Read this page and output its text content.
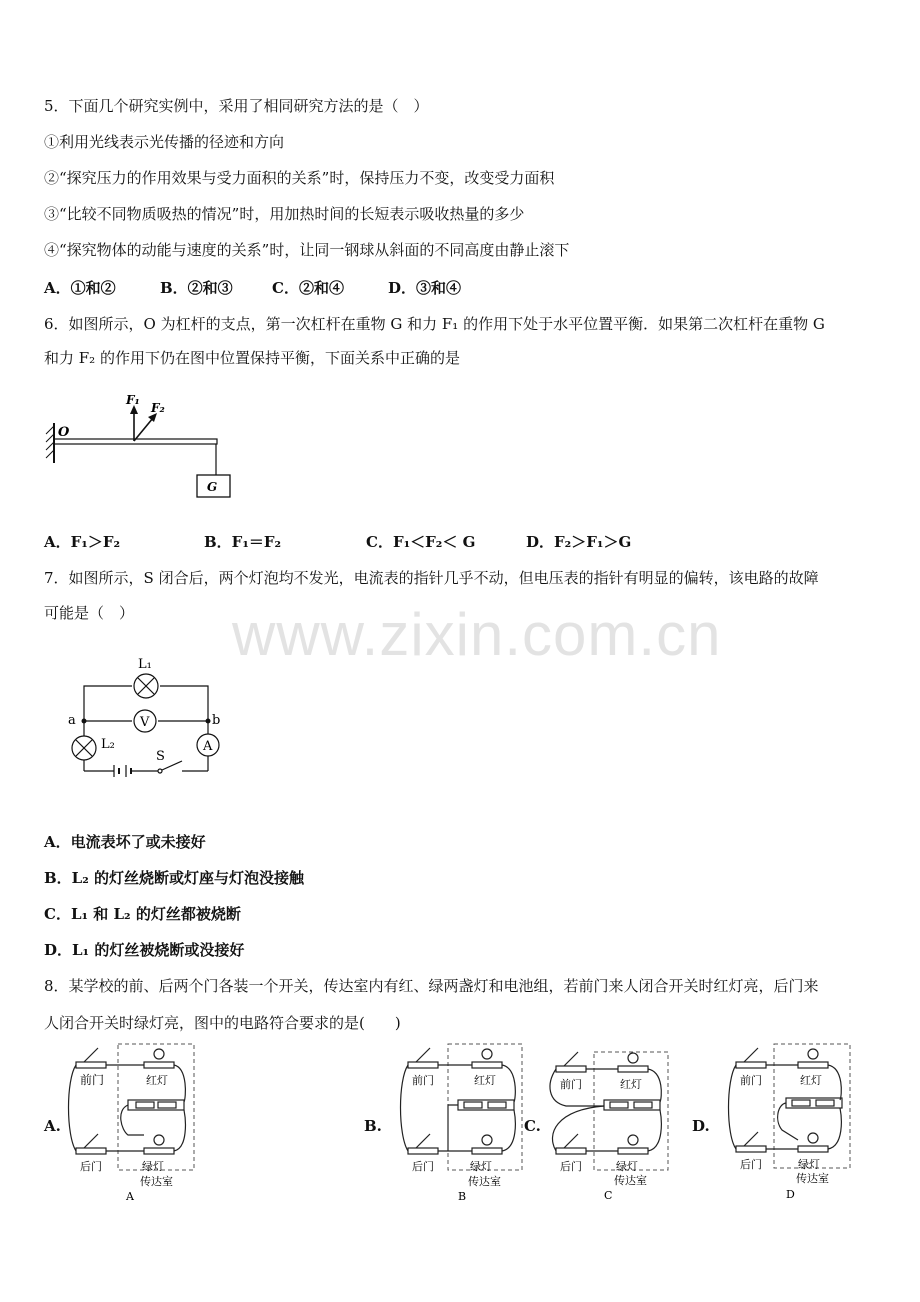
www.zixin.com.cn
5．下面几个研究实例中，采用了相同研究方法的是（　）
①利用光线表示光传播的径迹和方向
②“探究压力的作用效果与受力面积的关系”时，保持压力不变，改变受力面积
③“比较不同物质吸热的情况”时，用加热时间的长短表示吸收热量的多少
④“探究物体的动能与速度的关系”时，让同一钢球从斜面的不同高度由静止滚下
A．①和②	B．②和③	C．②和④	D．③和④
6．如图所示，O 为杠杆的支点，第一次杠杆在重物 G 和力 F₁ 的作用下处于水平位置平衡．如果第二次杠杆在重物 G
和力 F₂ 的作用下仍在图中位置保持平衡，下面关系中正确的是
O
F₁
F₂
G
A．F₁＞F₂	B．F₁＝F₂	C．F₁＜F₂＜ G	D．F₂＞F₁＞G
7．如图所示，S 闭合后，两个灯泡均不发光，电流表的指针几乎不动，但电压表的指针有明显的偏转，该电路的故障
可能是（　）
L₁
V
A
L₂
S
a	b
A．电流表坏了或未接好
B．L₂ 的灯丝烧断或灯座与灯泡没接触
C．L₁ 和 L₂ 的灯丝都被烧断
D．L₁ 的灯丝被烧断或没接好
8．某学校的前、后两个门各装一个开关，传达室内有红、绿两盏灯和电池组，若前门来人闭合开关时红灯亮，后门来
人闭合开关时绿灯亮，图中的电路符合要求的是(　　)
A.	B.	C.	D.
前门	红灯
后门	绿灯
传达室
A
前门	红灯
后门	绿灯
传达室
B
前门	红灯
后门	绿灯
传达室
C
前门	红灯
后门	绿灯
传达室
D
